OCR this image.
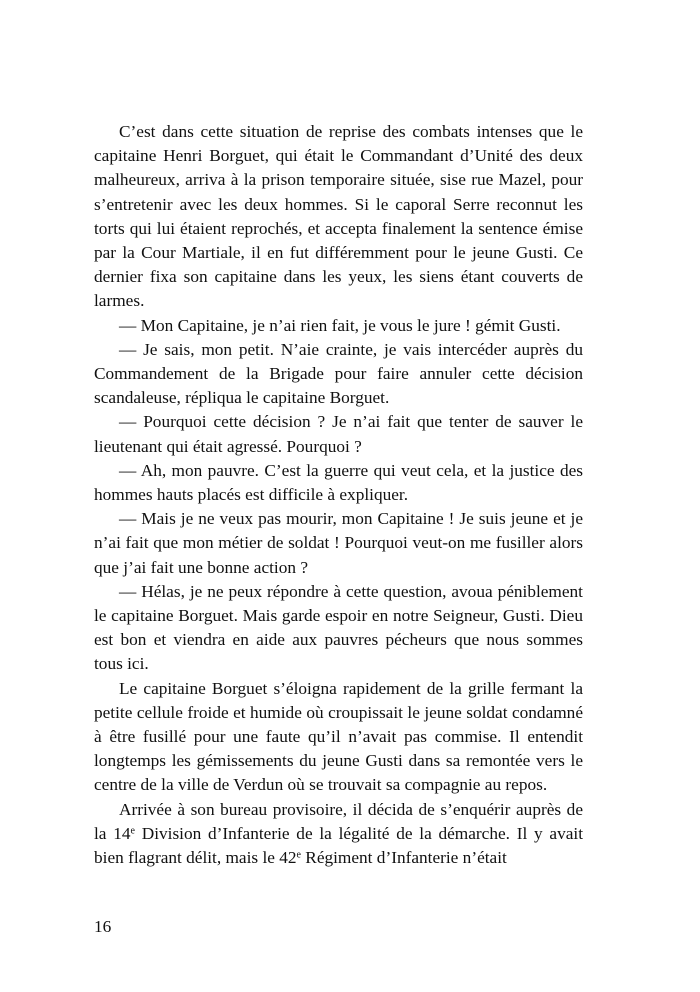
C’est dans cette situation de reprise des combats intenses que le capitaine Henri Borguet, qui était le Commandant d’Unité des deux malheureux, arriva à la prison temporaire située, sise rue Mazel, pour s’entretenir avec les deux hommes. Si le caporal Serre reconnut les torts qui lui étaient reprochés, et accepta finalement la sentence émise par la Cour Martiale, il en fut différemment pour le jeune Gusti. Ce dernier fixa son capitaine dans les yeux, les siens étant couverts de larmes.

— Mon Capitaine, je n’ai rien fait, je vous le jure ! gémit Gusti.

— Je sais, mon petit. N’aie crainte, je vais intercéder auprès du Commandement de la Brigade pour faire annuler cette décision scandaleuse, répliqua le capitaine Borguet.

— Pourquoi cette décision ? Je n’ai fait que tenter de sauver le lieutenant qui était agressé. Pourquoi ?

— Ah, mon pauvre. C’est la guerre qui veut cela, et la justice des hommes hauts placés est difficile à expliquer.

— Mais je ne veux pas mourir, mon Capitaine ! Je suis jeune et je n’ai fait que mon métier de soldat ! Pourquoi veut-on me fusiller alors que j’ai fait une bonne action ?

— Hélas, je ne peux répondre à cette question, avoua péniblement le capitaine Borguet. Mais garde espoir en notre Seigneur, Gusti. Dieu est bon et viendra en aide aux pauvres pécheurs que nous sommes tous ici.

Le capitaine Borguet s’éloigna rapidement de la grille fermant la petite cellule froide et humide où croupissait le jeune soldat condamné à être fusillé pour une faute qu’il n’avait pas commise. Il entendit longtemps les gémissements du jeune Gusti dans sa remontée vers le centre de la ville de Verdun où se trouvait sa compagnie au repos.

Arrivée à son bureau provisoire, il décida de s’enquérir auprès de la 14e Division d’Infanterie de la légalité de la démarche. Il y avait bien flagrant délit, mais le 42e Régiment d’Infanterie n’était

16
